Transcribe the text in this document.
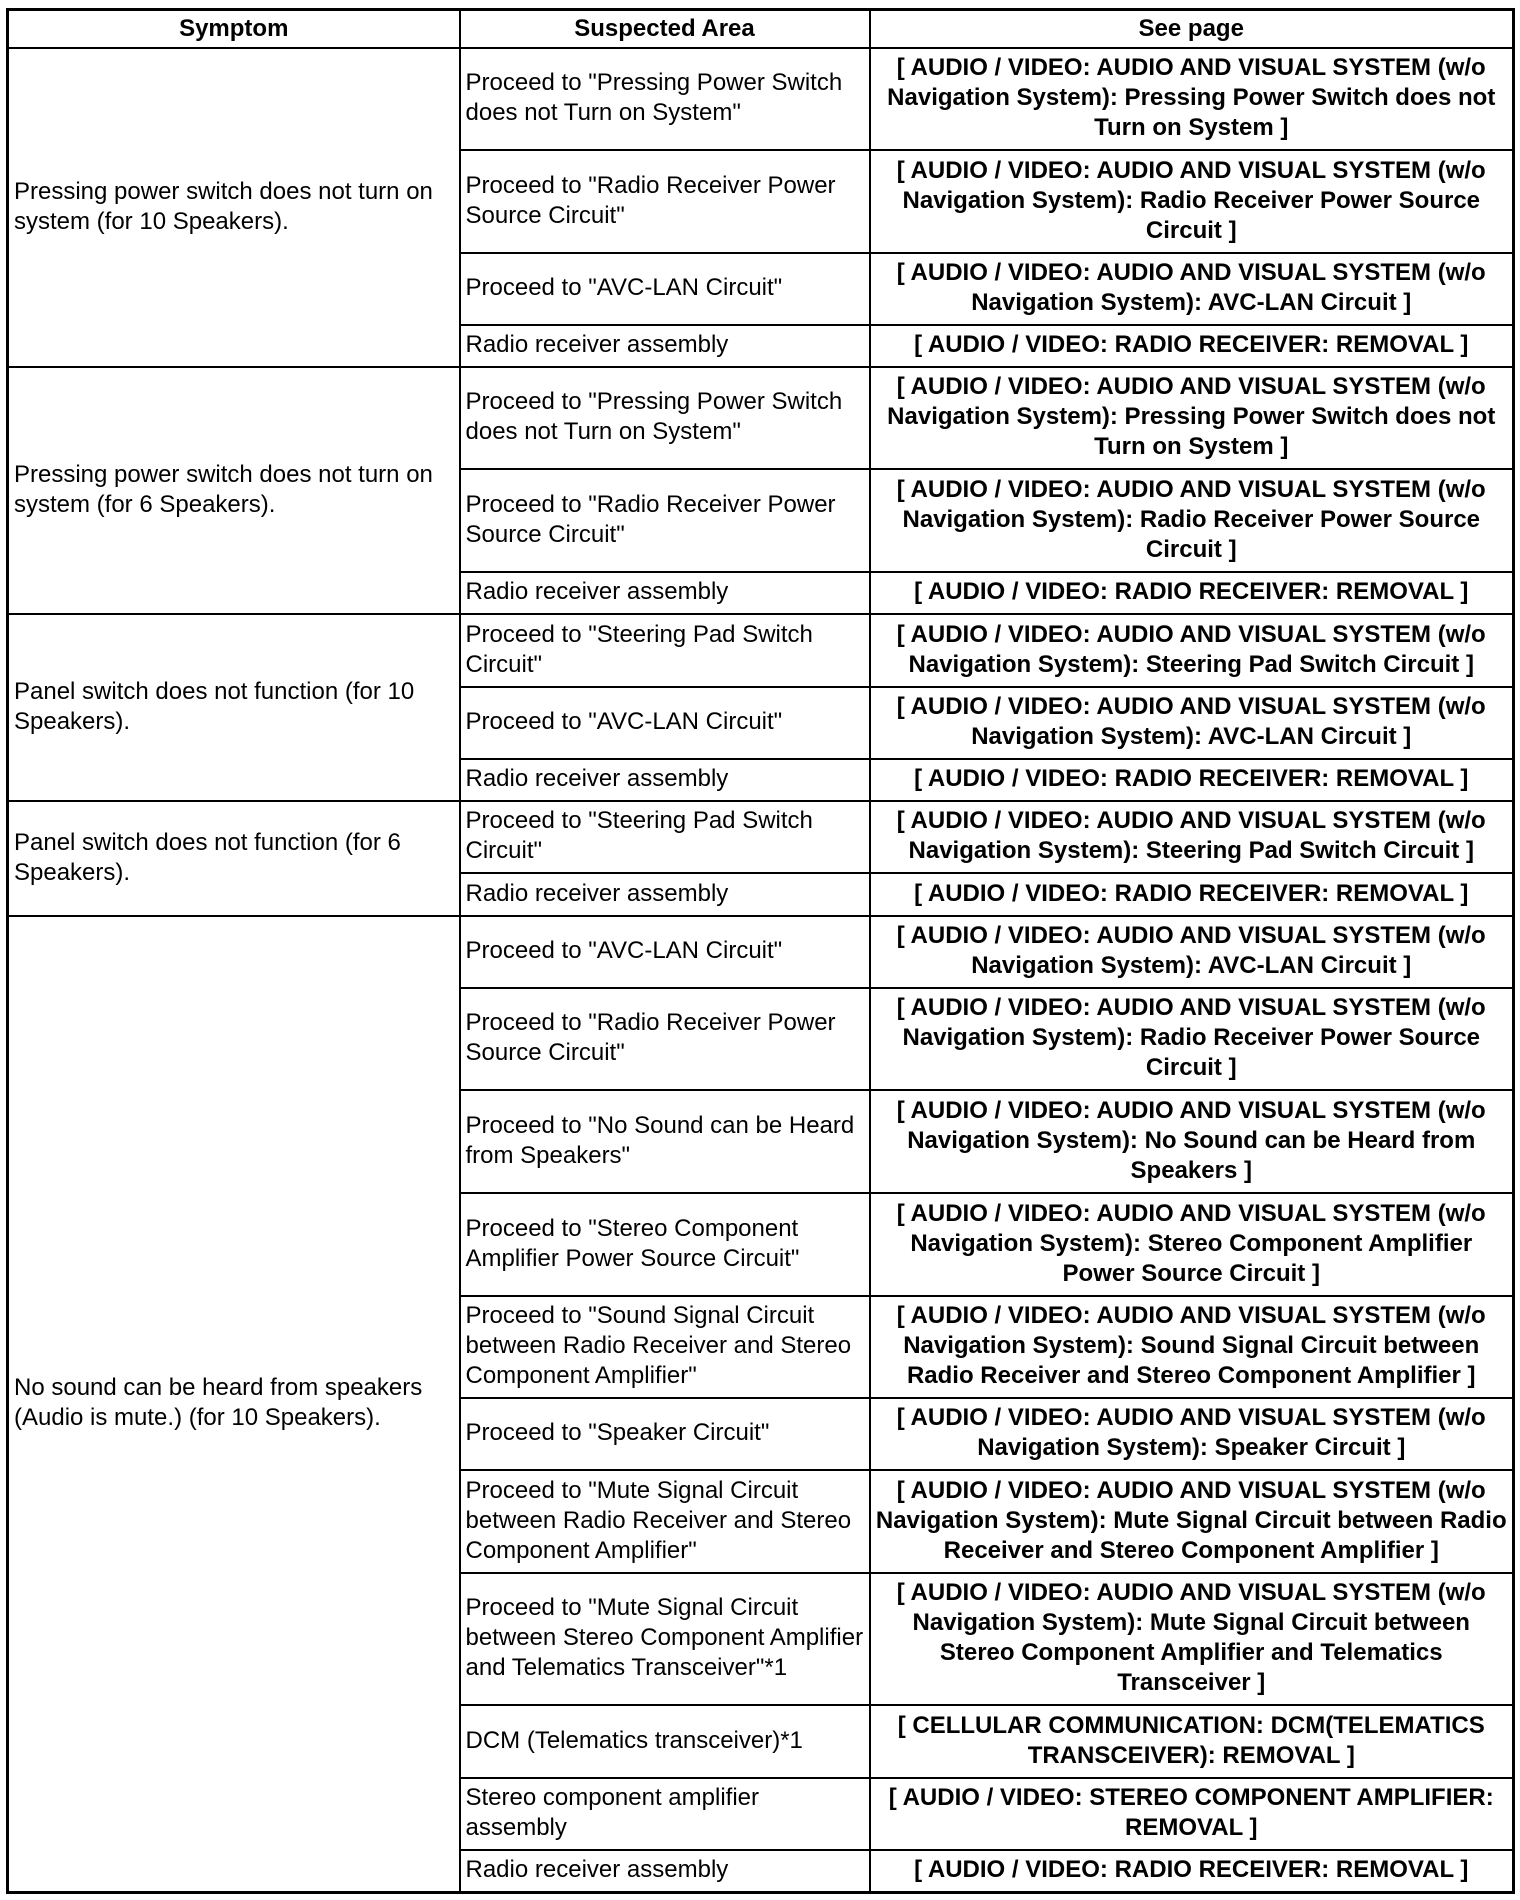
Symptom	Suspected Area	See page
Pressing power switch does not turn on system (for 10 Speakers).	Proceed to "Pressing Power Switch does not Turn on System"	[ AUDIO / VIDEO: AUDIO AND VISUAL SYSTEM (w/o Navigation System): Pressing Power Switch does not Turn on System ]
	Proceed to "Radio Receiver Power Source Circuit"	[ AUDIO / VIDEO: AUDIO AND VISUAL SYSTEM (w/o Navigation System): Radio Receiver Power Source Circuit ]
	Proceed to "AVC-LAN Circuit"	[ AUDIO / VIDEO: AUDIO AND VISUAL SYSTEM (w/o Navigation System): AVC-LAN Circuit ]
	Radio receiver assembly	[ AUDIO / VIDEO: RADIO RECEIVER: REMOVAL ]
Pressing power switch does not turn on system (for 6 Speakers).	Proceed to "Pressing Power Switch does not Turn on System"	[ AUDIO / VIDEO: AUDIO AND VISUAL SYSTEM (w/o Navigation System): Pressing Power Switch does not Turn on System ]
	Proceed to "Radio Receiver Power Source Circuit"	[ AUDIO / VIDEO: AUDIO AND VISUAL SYSTEM (w/o Navigation System): Radio Receiver Power Source Circuit ]
	Radio receiver assembly	[ AUDIO / VIDEO: RADIO RECEIVER: REMOVAL ]
Panel switch does not function (for 10 Speakers).	Proceed to "Steering Pad Switch Circuit"	[ AUDIO / VIDEO: AUDIO AND VISUAL SYSTEM (w/o Navigation System): Steering Pad Switch Circuit ]
	Proceed to "AVC-LAN Circuit"	[ AUDIO / VIDEO: AUDIO AND VISUAL SYSTEM (w/o Navigation System): AVC-LAN Circuit ]
	Radio receiver assembly	[ AUDIO / VIDEO: RADIO RECEIVER: REMOVAL ]
Panel switch does not function (for 6 Speakers).	Proceed to "Steering Pad Switch Circuit"	[ AUDIO / VIDEO: AUDIO AND VISUAL SYSTEM (w/o Navigation System): Steering Pad Switch Circuit ]
	Radio receiver assembly	[ AUDIO / VIDEO: RADIO RECEIVER: REMOVAL ]
No sound can be heard from speakers (Audio is mute.) (for 10 Speakers).	Proceed to "AVC-LAN Circuit"	[ AUDIO / VIDEO: AUDIO AND VISUAL SYSTEM (w/o Navigation System): AVC-LAN Circuit ]
	Proceed to "Radio Receiver Power Source Circuit"	[ AUDIO / VIDEO: AUDIO AND VISUAL SYSTEM (w/o Navigation System): Radio Receiver Power Source Circuit ]
	Proceed to "No Sound can be Heard from Speakers"	[ AUDIO / VIDEO: AUDIO AND VISUAL SYSTEM (w/o Navigation System): No Sound can be Heard from Speakers ]
	Proceed to "Stereo Component Amplifier Power Source Circuit"	[ AUDIO / VIDEO: AUDIO AND VISUAL SYSTEM (w/o Navigation System): Stereo Component Amplifier Power Source Circuit ]
	Proceed to "Sound Signal Circuit between Radio Receiver and Stereo Component Amplifier"	[ AUDIO / VIDEO: AUDIO AND VISUAL SYSTEM (w/o Navigation System): Sound Signal Circuit between Radio Receiver and Stereo Component Amplifier ]
	Proceed to "Speaker Circuit"	[ AUDIO / VIDEO: AUDIO AND VISUAL SYSTEM (w/o Navigation System): Speaker Circuit ]
	Proceed to "Mute Signal Circuit between Radio Receiver and Stereo Component Amplifier"	[ AUDIO / VIDEO: AUDIO AND VISUAL SYSTEM (w/o Navigation System): Mute Signal Circuit between Radio Receiver and Stereo Component Amplifier ]
	Proceed to "Mute Signal Circuit between Stereo Component Amplifier and Telematics Transceiver"*1	[ AUDIO / VIDEO: AUDIO AND VISUAL SYSTEM (w/o Navigation System): Mute Signal Circuit between Stereo Component Amplifier and Telematics Transceiver ]
	DCM (Telematics transceiver)*1	[ CELLULAR COMMUNICATION: DCM(TELEMATICS TRANSCEIVER): REMOVAL ]
	Stereo component amplifier assembly	[ AUDIO / VIDEO: STEREO COMPONENT AMPLIFIER: REMOVAL ]
	Radio receiver assembly	[ AUDIO / VIDEO: RADIO RECEIVER: REMOVAL ]
